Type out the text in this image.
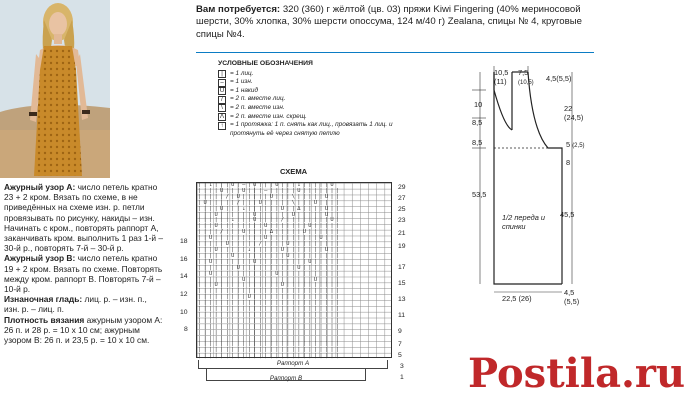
Ажурный узор А: число петель кратно 23 + 2 кром. Вязать по схеме, в не приведённых на схеме изн. р. петли провязывать по рисунку, накиды – изн. Начинать с кром., повторять раппорт А, заканчивать кром. выполнить 1 раз 1-й – 30-й р., повторять 7-й – 30-й р.

Ажурный узор В: число петель кратно 19 + 2 кром. Вязать по схеме. Повторять между кром. раппорт В. Повторять 7-й – 10-й р.

Изнаночная гладь: лиц. р. – изн. п., изн. р. – лиц. п.

Плотность вязания ажурным узором А: 26 п. и 28 р. = 10 х 10 см; ажурным узором В: 26 п. и 23,5 р. = 10 х 10 см.

Вам потребуется: 320 (360) г жёлтой (цв. 03) пряжи Kiwi Fingering (40% мериносовой шерсти, 30% хлопка, 30% шерсти опоссума, 124 м/40 г) Zealana, спицы № 4, круговые спицы №4.
УСЛОВНЫЕ ОБОЗНАЧЕНИЯ
|	= 1 лиц.
– = 1 изн.
U = 1 накид
/	= 2 п. вместе лиц.
\	= 2 п. вместе изн.
Λ = 2 п. вместе изн. скрещ.
↑	= 1 протяжка: 1 п. снять как лиц., провязать 1 лиц. и протянуть её через снятую петлю
СХЕМА
||↓|||U|–|U|||U|||↓|||||U
||||U|||U|||–|||||U|||||||
|||||/|U|||||U|||\|||||U||
|U|||||/|||U|||||\|||U||||
||||U|||↓||||||U||Δ||||U||
|||U||||||U||||||U|||||U||
||||||↓|||U||||/||||||||U|
|||U||||||||U|||||||U|||||
||||/|||U||||Δ|||||U||||||
||U|||||||||U|||||||||U|||
|||||U|||||/||||U|||||||||
|||U|||||↓|||||U|||||||U||
||||||U|||||||||U|||||||||
||U|||||||U|||||||||U|||||
|||||||U||||||||||U|||||||
||U|||||||||||U|||||||||||
||||||||U||||||||||||U||||
|||U|||||||||||U||||||||||
||||||||||||||||||||||||||
|||||||||U||||||||||||||||
||||||||||||||||||||||||||
||||||||||||||||||||||||||
||||||||||||||||||||||||||
||||||||||||||||||||||||||
||||||||||||||||||||||||||
||||||||||||||||||||||||||
||||||||||||||||||||||||||
||||||||||||||||||||||||||
||||||||||||||||||||||||||
||||||||||||||||||||||||||
29
27
25
23
21
19
17
15
13
11
9
7
5
3
1
18
16
14
12
10
8
Раппорт А
Раппорт В
10,5
(11)
7,5
(10,5) 4,5(5,5)
10
8,5
8,5
53,5
22
(24,5)
5 (2,5)
8
45,5
1/2 переда и спинки
22,5 (26)
4,5
(5,5)
Postila.ru
